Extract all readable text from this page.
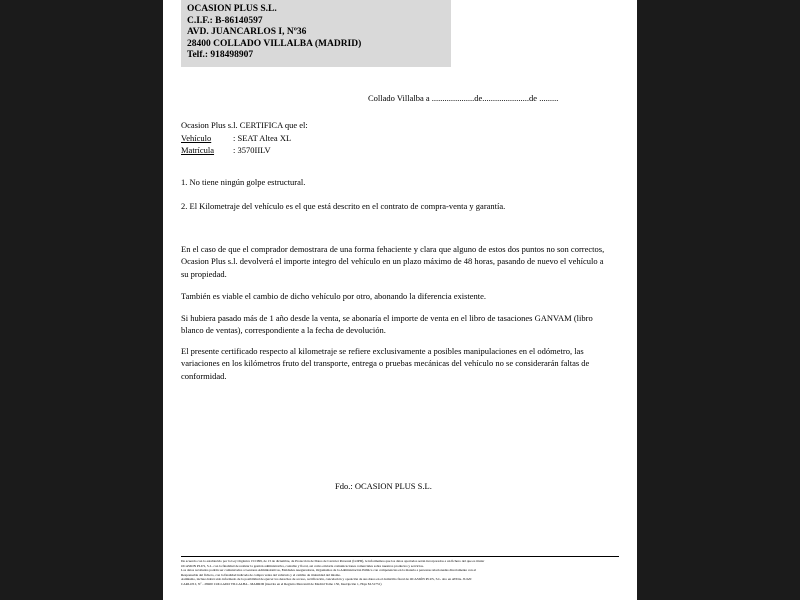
OCASION PLUS S.L.
C.I.F.: B-86140597
AVD. JUANCARLOS I, Nº36
28400 COLLADO VILLALBA (MADRID)
Telf.: 918498907
Collado Villalba a ....................de......................de .........
Ocasion Plus s.l. CERTIFICA que el:
Vehículo	: SEAT Altea XL
Matrícula : 3570IILV
1. No tiene ningún golpe estructural.
2. El Kilometraje del vehículo es el que está descrito en el contrato de compra-venta y garantía.
En el caso de que el comprador demostrara de una forma fehaciente y clara que alguno de estos dos puntos no son correctos, Ocasion Plus s.l. devolverá el importe integro del vehículo en un plazo máximo de 48 horas, pasando de nuevo el vehículo a su propiedad.
También es viable el cambio de dicho vehículo por otro, abonando la diferencia existente.
Si hubiera pasado más de 1 año desde la venta, se abonaría el importe de venta en el libro de tasaciones GANVAM (libro blanco de ventas), correspondiente a la fecha de devolución.
El presente certificado respecto al kilometraje se refiere exclusivamente a posibles manipulaciones en el odómetro, las variaciones en los kilómetros fruto del transporte, entrega o pruebas mecánicas del vehículo no se considerarán faltas de conformidad.
Fdo.: OCASION PLUS S.L.
De acuerdo con lo establecido por la Ley Orgánica 15/1999, de 13 de diciembre, de Protección de Datos de Carácter Personal (LOPD), le informamos que los datos aportados serán incorporados a un fichero del que es titular
OCASION PLUS, S.L. con la finalidad de realizar la gestión administrativa, contable y fiscal, así como enviarle comunicaciones comerciales sobre nuestros productos y servicios.
Los datos recabados podrán ser comunicados a Gestores Administrativos, Entidades Aseguradoras, Organismos de la Administración Pública con competencias en la materia a personas relacionadas directamente con el
Responsable del fichero, con la finalidad indicada de compra venta del vehículo y el cambio de titularidad del mismo.
Asimismo, incluso habrá sido informado de la posibilidad de ejercer los derechos de acceso, rectificación, cancelación y oposición de sus datos en el domicilio fiscal de OCASIÓN PLUS, S.L. sito en AVDA. JUAN
CARLOS I, Nº - 28400 COLLADO VILLALBA - MADRID (inscrita en el Registro Mercantil de Madrid Tomo 150, Inscripción 1, Hoja M-51751)
